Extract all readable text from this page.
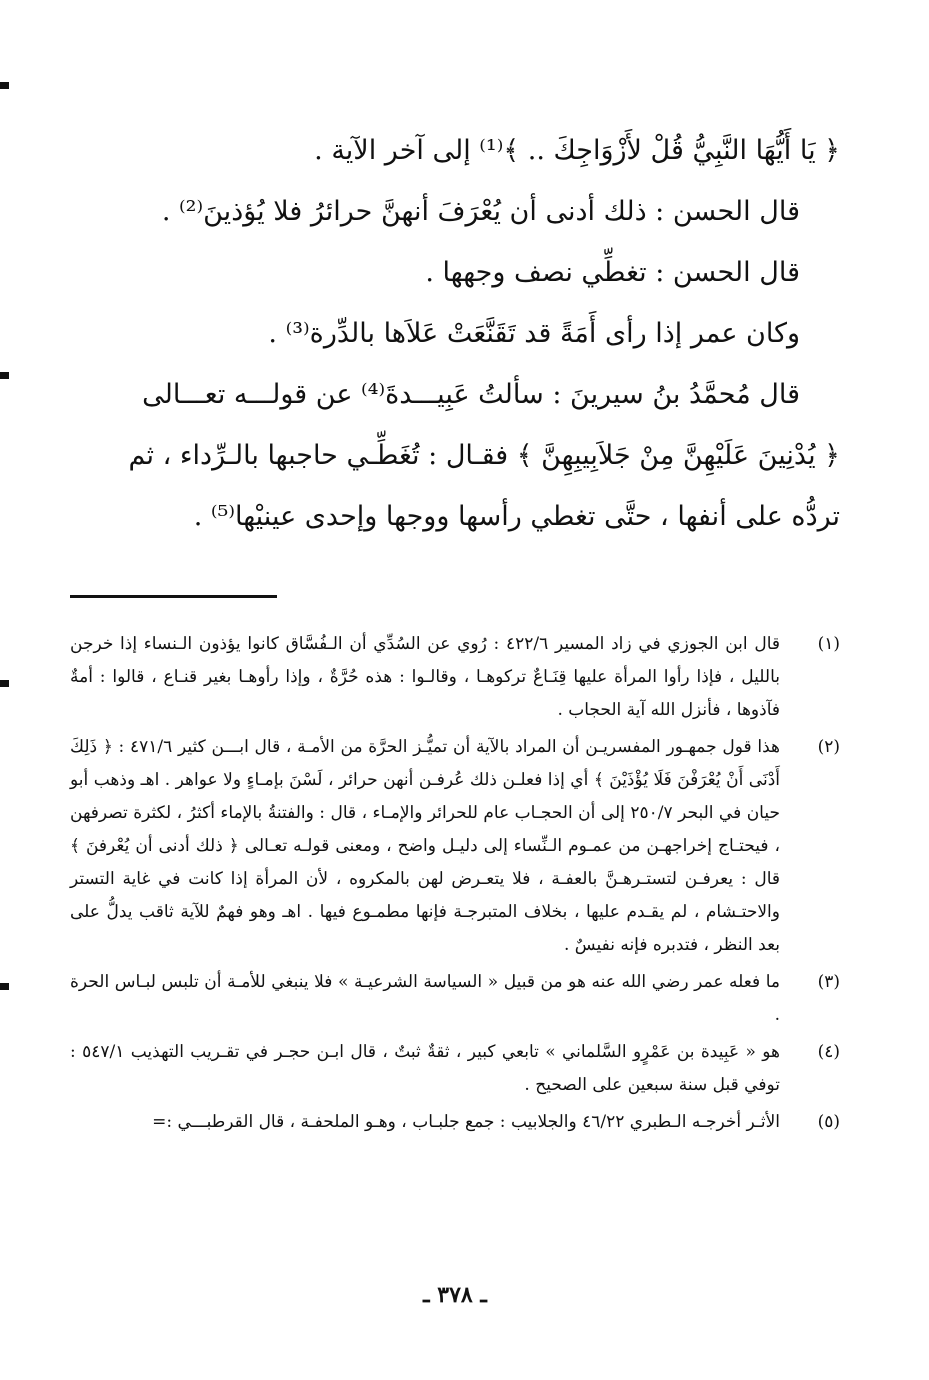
﴿ يَا أَيُّهَا النَّبِيُّ قُلْ لأَزْوَاجِكَ .. ﴾⁽¹⁾ إلى آخر الآية .
قال الحسن : ذلك أدنى أن يُعْرَفَ أنهنَّ حرائرُ فلا يُؤذينَ⁽²⁾ .
قال الحسن : تغطِّي نصف وجهها .
وكان عمر إذا رأى أَمَةً قد تَقَنَّعَتْ عَلاَها بالدِّرة⁽³⁾ .
قال مُحمَّدُ بنُ سيرينَ : سألتُ عَبِيـــدةَ⁽⁴⁾ عن قولـــه تعـــالى
﴿ يُدْنِينَ عَلَيْهِنَّ مِنْ جَلاَبِيبِهِنَّ ﴾ فقـال : تُغَطِّـي حاجبها بالـرِّداء ، ثم
تردُّه على أنفها ، حتَّى تغطي رأسها ووجها وإحدى عينيْها⁽⁵⁾ .
(١)
قال ابن الجوزي في زاد المسير ٤٢٢/٦ : رُوي عن السُدِّي أن الـفُسَّاق كانوا يؤذون الـنساء إذا خرجن بالليل ، فإذا رأوا المرأة عليها قِنَـاعٌ تركوهـا ، وقالـوا : هذه حُرَّةٌ ، وإذا رأوهـا بغير قنـاع ، قالوا : أمةٌ فآذوها ، فأنزل الله آية الحجاب .
(٢)
هذا قول جمهـور المفسريـن أن المراد بالآية أن تميُّـز الحرَّة من الأمـة ، قال ابـــن كثير ٤٧١/٦ : ﴿ ذَلِكَ أَدْنَى أَنْ يُعْرَفْنَ فَلَا يُؤْذَيْنَ ﴾ أي إذا فعلـن ذلك عُرفـن أنهن حرائر ، لَسْنَ بإمـاءٍ ولا عواهر . اهـ وذهب أبو حيان في البحر ٢٥٠/٧ إلى أن الحجـاب عام للحرائر والإمـاء ، قال : والفتنةُ بالإماء أكثرُ ، لكثرة تصرفهن ، فيحتـاج إخراجهـن من عمـوم الـنِّساء إلى دليـل واضح ، ومعنى قولـه تعـالى ﴿ ذلك أدنى أن يُعْرفنَ ﴾ قال : يعرفـن لتستـرهـنَّ بالعفـة ، فلا يتعـرض لهن بالمكروه ، لأن المرأة إذا كانت في غاية التستر والاحتـشام ، لم يقـدم عليها ، بخلاف المتبرجـة فإنها مطمـوع فيها . اهـ وهو فهمٌ للآية ثاقب يدلُّ على بعد النظر ، فتدبره فإنه نفيسٌ .
(٣)
ما فعله عمر رضي الله عنه هو من قبيل « السياسة الشرعيـة » فلا ينبغي للأمـة أن تلبس لبـاس الحرة .
(٤)
هو « عَبِيدة بن عَمْرٍو السَّلماني » تابعي كبير ، ثقةٌ ثبتٌ ، قال ابـن حجـر في تقـريب التهذيب ٥٤٧/١ : توفي قبل سنة سبعين على الصحيح .
(٥)
الأثـر أخرجـه الـطبري ٤٦/٢٢ والجلابيب : جمع جلبـاب ، وهـو الملحفـة ، قال القرطبـــي :=
ـ ٣٧٨ ـ
